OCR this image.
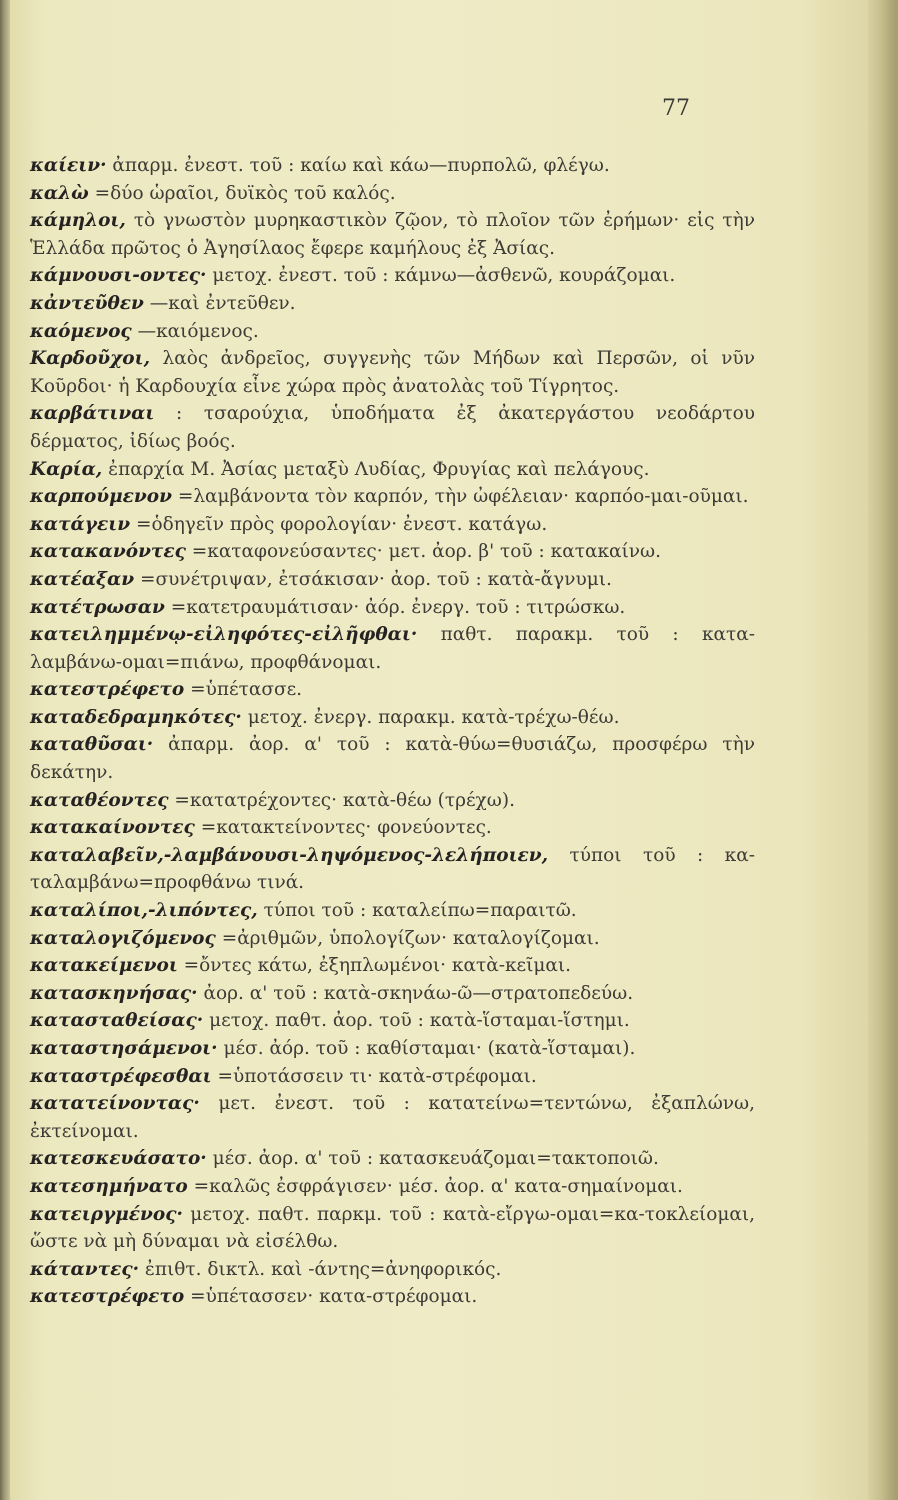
77

καίειν· ἀπαρμ. ἐνεστ. τοῦ : καίω καὶ κάω—πυρπολῶ, φλέγω.

καλὼ =δύο ὡραῖοι, δυϊκὸς τοῦ καλός.

κάμηλοι, τὸ γνωστὸν μυρηκαστικὸν ζῷον, τὸ πλοῖον τῶν ἐρήμων· εἰς τὴν Ἑλλάδα πρῶτος ὁ Ἀγησίλαος ἔφερε καμήλους ἐξ Ἀσίας.

κάμνουσι-οντες· μετοχ. ἐνεστ. τοῦ : κάμνω—ἀσθενῶ, κουράζομαι.

κἀντεῦθεν —καὶ ἐντεῦθεν.

καόμενος —καιόμενος.

Καρδοῦχοι, λαὸς ἀνδρεῖος, συγγενὴς τῶν Μήδων καὶ Περσῶν, οἱ νῦν Κοῦρδοι· ἡ Καρδουχία εἶνε χώρα πρὸς ἀνατολὰς τοῦ Τίγρητος.

καρβάτιναι : τσαρούχια, ὑποδήματα ἐξ ἀκατεργάστου νεοδάρτου δέρματος, ἰδίως βοός.

Καρία, ἐπαρχία Μ. Ἀσίας μεταξὺ Λυδίας, Φρυγίας καὶ πελάγους.

καρπούμενον =λαμβάνοντα τὸν καρπόν, τὴν ὠφέλειαν· καρπόο-μαι-οῦμαι.

κατάγειν =ὁδηγεῖν πρὸς φορολογίαν· ἐνεστ. κατάγω.

κατακανόντες =καταφονεύσαντες· μετ. ἀορ. β' τοῦ : κατακαίνω.

κατέαξαν =συνέτριψαν, ἐτσάκισαν· ἀορ. τοῦ : κατὰ-ἄγνυμι.

κατέτρωσαν =κατετραυμάτισαν· ἀόρ. ἐνεργ. τοῦ : τιτρώσκω.

κατειλημμένῳ-εἰληφότες-εἰλῆφθαι· παθτ. παρακμ. τοῦ : κατα-λαμβάνω-ομαι=πιάνω, προφθάνομαι.

κατεστρέφετο =ὑπέτασσε.

καταδεδραμηκότες· μετοχ. ἐνεργ. παρακμ. κατὰ-τρέχω-θέω.

καταθῦσαι· ἀπαρμ. ἀορ. α' τοῦ : κατὰ-θύω=θυσιάζω, προσφέρω τὴν δεκάτην.

καταθέοντες =κατατρέχοντες· κατὰ-θέω (τρέχω).

κατακαίνοντες =κατακτείνοντες· φονεύοντες.

καταλαβεῖν,-λαμβάνουσι-ληψόμενος-λελήποιεν, τύποι τοῦ : κα-ταλαμβάνω=προφθάνω τινά.

καταλίποι,-λιπόντες, τύποι τοῦ : καταλείπω=παραιτῶ.

καταλογιζόμενος =ἀριθμῶν, ὑπολογίζων· καταλογίζομαι.

κατακείμενοι =ὄντες κάτω, ἐξηπλωμένοι· κατὰ-κεῖμαι.

κατασκηνήσας· ἀορ. α' τοῦ : κατὰ-σκηνάω-ῶ—στρατοπεδεύω.

κατασταθείσας· μετοχ. παθτ. ἀορ. τοῦ : κατὰ-ἵσταμαι-ἵστημι.

καταστησάμενοι· μέσ. ἀόρ. τοῦ : καθίσταμαι· (κατὰ-ἵσταμαι).

καταστρέφεσθαι =ὑποτάσσειν τι· κατὰ-στρέφομαι.

κατατείνοντας· μετ. ἐνεστ. τοῦ : κατατείνω=τεντώνω, ἐξαπλώνω, ἐκτείνομαι.

κατεσκευάσατο· μέσ. ἀορ. α' τοῦ : κατασκευάζομαι=τακτοποιῶ.

κατεσημήνατο =καλῶς ἐσφράγισεν· μέσ. ἀορ. α' κατα-σημαίνομαι.

κατειργμένος· μετοχ. παθτ. παρκμ. τοῦ : κατὰ-εἴργω-ομαι=κα-τοκλείομαι, ὥστε νὰ μὴ δύναμαι νὰ εἰσέλθω.

κάταντες· ἐπιθτ. δικτλ. καὶ -άντης=ἀνηφορικός.

κατεστρέφετο =ὑπέτασσεν· κατα-στρέφομαι.
